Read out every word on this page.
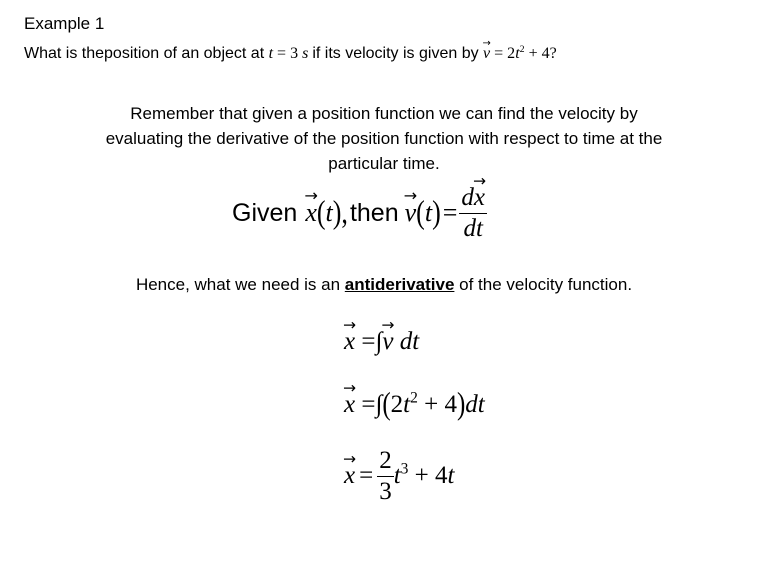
Example 1
What is theposition of an object at t = 3 s if its velocity is given by → $v = 2t^2 + 4$?
Remember that given a position function we can find the velocity by
evaluating the derivative of the position function with respect to time at the
particular time.
Given → x(t), then → $v(t)= \frac{d\to x}{dt}$
Hence, what we need is an antiderivative of the velocity function.
→ x =∫→ v dt
→ $x =\int(2t^2 + 4)dt$
→ $x = \frac{2}{3} t^3 + 4t$
